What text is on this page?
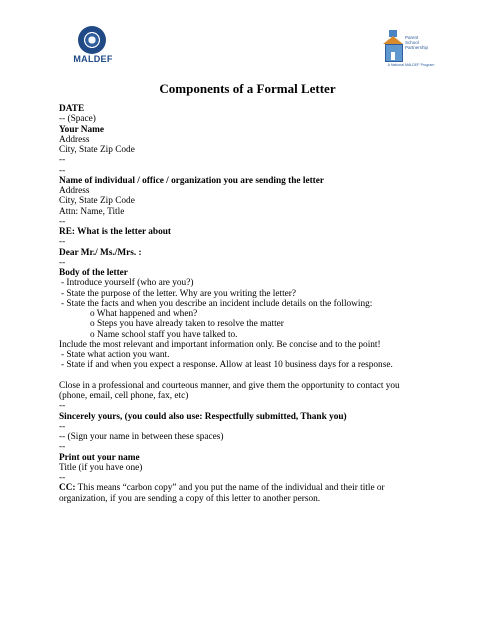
MALDEF
Parent
School
Partnership
A National MALDEF Program
Components of a Formal Letter
DATE
-- (Space)
Your Name
Address
City, State Zip Code
--
--
Name of individual / office / organization you are sending the letter
Address
City, State Zip Code
Attn: Name, Title
--
RE: What is the letter about
--
Dear Mr./ Ms./Mrs. :
--
Body of the letter
- Introduce yourself (who are you?)
- State the purpose of the letter. Why are you writing the letter?
- State the facts and when you describe an incident include details on the following:
o What happened and when?
o Steps you have already taken to resolve the matter
o Name school staff you have talked to.
Include the most relevant and important information only. Be concise and to the point!
- State what action you want.
- State if and when you expect a response. Allow at least 10 business days for a response.
Close in a professional and courteous manner, and give them the opportunity to contact you
(phone, email, cell phone, fax, etc)
--
Sincerely yours, (you could also use: Respectfully submitted, Thank you)
--
-- (Sign your name in between these spaces)
--
Print out your name
Title (if you have one)
--
CC: This means “carbon copy” and you put the name of the individual and their title or
organization, if you are sending a copy of this letter to another person.
